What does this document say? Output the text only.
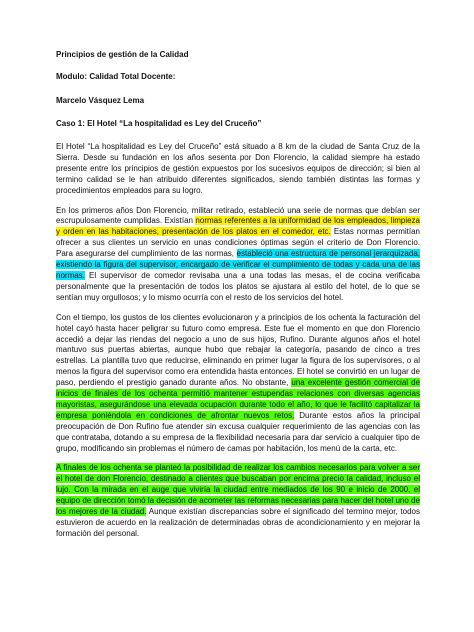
Principios de gestión de la Calidad

Modulo: Calidad Total Docente:

Marcelo Vásquez Lema

Caso 1: El Hotel “La hospitalidad es Ley del Cruceño”

El Hotel “La hospitalidad es Ley del Cruceño” está situado a 8 km de la ciudad de Santa Cruz de la Sierra. Desde su fundación en los años sesenta por Don Florencio, la calidad siempre ha estado presente entre los principios de gestión expuestos por los sucesivos equipos de dirección; si bien al termino calidad se le han atribuido diferentes significados, siendo también distintas las formas y procedimientos empleados para su logro.

En los primeros años Don Florencio, militar retirado, estableció una serie de normas que debían ser escrupulosamente cumplidas. Existían normas referentes a la uniformidad de los empleados, limpieza y orden en las habitaciones, presentación de los platos en el comedor, etc. Estas normas permitían ofrecer a sus clientes un servicio en unas condiciones óptimas según el criterio de Don Florencio. Para asegurarse del cumplimiento de las normas, estableció una estructura de personal jerarquizada, existiendo la figura del supervisor, encargado de verificar el cumplimiento de todas y cada una de las normas. El supervisor de comedor revisaba una a una todas las mesas, el de cocina verificaba personalmente que la presentación de todos los platos se ajustara al estilo del hotel, de lo que se sentían muy orgullosos; y lo mismo ocurría con el resto de los servicios del hotel.

Con el tiempo, los gustos de los clientes evolucionaron y a principios de los ochenta la facturación del hotel cayó hasta hacer peligrar su futuro como empresa. Este fue el momento en que don Florencio accedió a dejar las riendas del negocio a uno de sus hijos, Rufino. Durante algunos años el hotel mantuvo sus puertas abiertas, aunque hubo que rebajar la categoría, pasando de cinco a tres estrellas. La plantilla tuvo que reducirse, eliminando en primer lugar la figura de los supervisores, o al menos la figura del supervisor como era entendida hasta entonces. El hotel se convirtió en un lugar de paso, perdiendo el prestigio ganado durante años. No obstante, una excelente gestión comercial de inicios de finales de los ochenta permitió mantener estupendas relaciones con diversas agencias mayoristas, asegurándose una elevada ocupación durante todo el año, lo que le facilitó capitalizar la empresa poniéndola en condiciones de afrontar nuevos retos. Durante estos años la principal preocupación de Don Rufino fue atender sin excusa cualquier requerimiento de las agencias con las que contrataba, dotando a su empresa de la flexibilidad necesaria para dar servicio a cualquier tipo de grupo, modificando sin problemas el número de camas por habitación, los menú de la carta, etc.

A finales de los ochenta se planteó la posibilidad de realizar los cambios necesarios para volver a ser el hotel de don Florencio, destinado a clientes que buscaban por encima precio la calidad, incluso el lujo. Con la mirada en el auge que viviría la ciudad entre mediados de los 90 e inicio de 2000, el equipo de dirección tomó la decisión de acometer las reformas necesarias para hacer del hotel uno de los mejores de la ciudad. Aunque existían discrepancias sobre el significado del termino mejor, todos estuvieron de acuerdo en la realización de determinadas obras de acondicionamiento y en mejorar la formación del personal.
